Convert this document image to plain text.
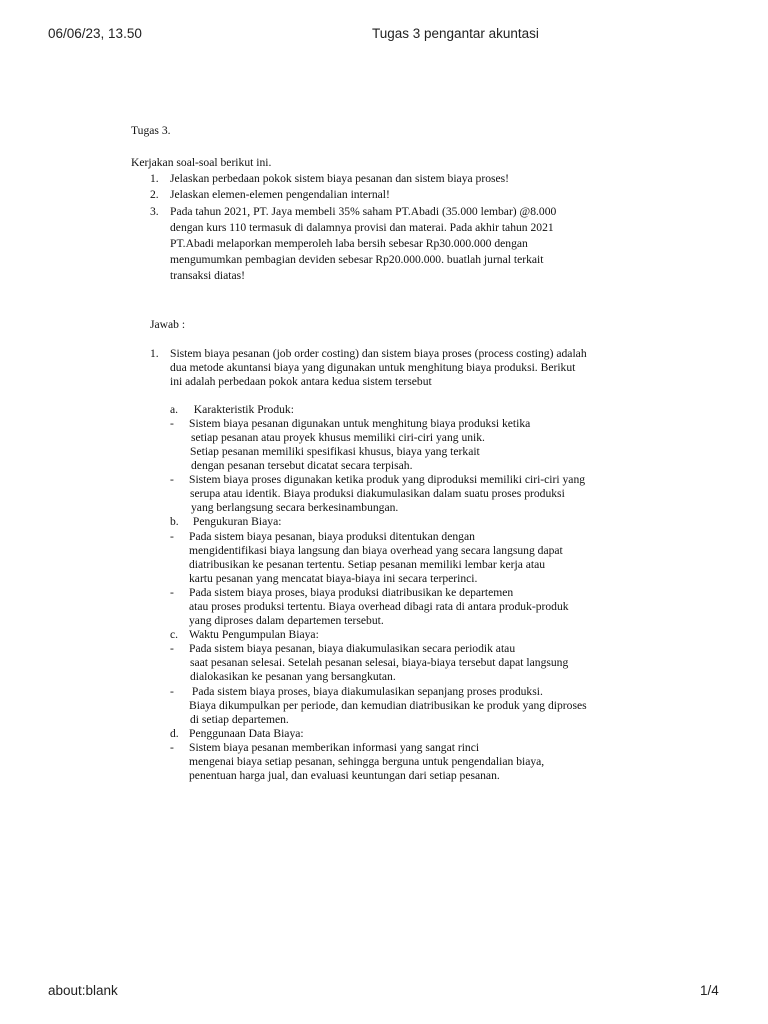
06/06/23, 13.50	Tugas 3 pengantar akuntasi
Tugas 3.
Kerjakan soal-soal berikut ini.
1. Jelaskan perbedaan pokok sistem biaya pesanan dan sistem biaya proses!
2. Jelaskan elemen-elemen pengendalian internal!
3. Pada tahun 2021, PT. Jaya membeli 35% saham PT.Abadi (35.000 lembar) @8.000
dengan kurs 110 termasuk di dalamnya provisi dan materai. Pada akhir tahun 2021
PT.Abadi melaporkan memperoleh laba bersih sebesar Rp30.000.000 dengan
mengumumkan pembagian deviden sebesar Rp20.000.000. buatlah jurnal terkait
transaksi diatas!
Jawab :
1. Sistem biaya pesanan (job order costing) dan sistem biaya proses (process costing) adalah
dua metode akuntansi biaya yang digunakan untuk menghitung biaya produksi. Berikut
ini adalah perbedaan pokok antara kedua sistem tersebut
a. Karakteristik Produk:
- Sistem biaya pesanan digunakan untuk menghitung biaya produksi ketika
setiap pesanan atau proyek khusus memiliki ciri-ciri yang unik.
Setiap pesanan memiliki spesifikasi khusus, biaya yang terkait
dengan pesanan tersebut dicatat secara terpisah.
- Sistem biaya proses digunakan ketika produk yang diproduksi memiliki ciri-ciri yang
serupa atau identik. Biaya produksi diakumulasikan dalam suatu proses produksi
yang berlangsung secara berkesinambungan.
b. Pengukuran Biaya:
- Pada sistem biaya pesanan, biaya produksi ditentukan dengan
mengidentifikasi biaya langsung dan biaya overhead yang secara langsung dapat
diatribusikan ke pesanan tertentu. Setiap pesanan memiliki lembar kerja atau
kartu pesanan yang mencatat biaya-biaya ini secara terperinci.
- Pada sistem biaya proses, biaya produksi diatribusikan ke departemen
atau proses produksi tertentu. Biaya overhead dibagi rata di antara produk-produk
yang diproses dalam departemen tersebut.
c. Waktu Pengumpulan Biaya:
- Pada sistem biaya pesanan, biaya diakumulasikan secara periodik atau
saat pesanan selesai. Setelah pesanan selesai, biaya-biaya tersebut dapat langsung
dialokasikan ke pesanan yang bersangkutan.
- Pada sistem biaya proses, biaya diakumulasikan sepanjang proses produksi.
Biaya dikumpulkan per periode, dan kemudian diatribusikan ke produk yang diproses
di setiap departemen.
d. Penggunaan Data Biaya:
- Sistem biaya pesanan memberikan informasi yang sangat rinci
mengenai biaya setiap pesanan, sehingga berguna untuk pengendalian biaya,
penentuan harga jual, dan evaluasi keuntungan dari setiap pesanan.
about:blank	1/4
